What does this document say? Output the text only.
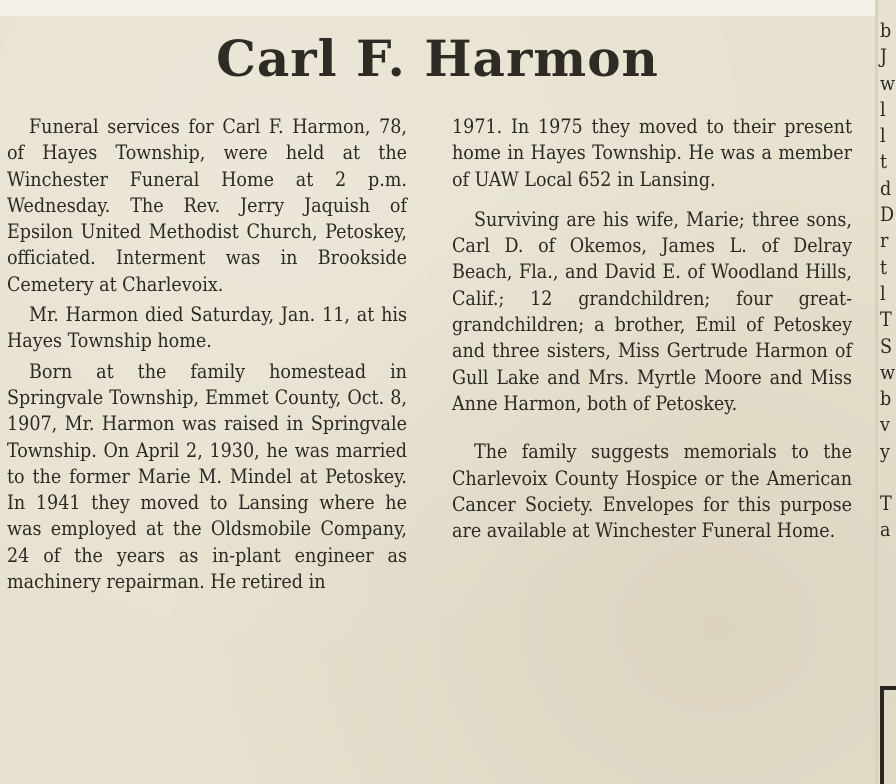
Carl F. Harmon

Funeral services for Carl F. Harmon, 78, of Hayes Township, were held at the Winchester Funeral Home at 2 p.m. Wednesday. The Rev. Jerry Jaquish of Epsilon United Methodist Church, Petoskey, officiated. Interment was in Brookside Cemetery at Charlevoix.

Mr. Harmon died Saturday, Jan. 11, at his Hayes Township home.

Born at the family homestead in Springvale Township, Emmet County, Oct. 8, 1907, Mr. Harmon was raised in Springvale Township. On April 2, 1930, he was married to the former Marie M. Mindel at Petoskey. In 1941 they moved to Lansing where he was employed at the Oldsmobile Company, 24 of the years as in-plant engineer as machinery repairman. He retired in

1971. In 1975 they moved to their present home in Hayes Township. He was a member of UAW Local 652 in Lansing.

Surviving are his wife, Marie; three sons, Carl D. of Okemos, James L. of Delray Beach, Fla., and David E. of Woodland Hills, Calif.; 12 grandchildren; four great-grandchildren; a brother, Emil of Petoskey and three sisters, Miss Gertrude Harmon of Gull Lake and Mrs. Myrtle Moore and Miss Anne Harmon, both of Petoskey.

The family suggests memorials to the Charlevoix County Hospice or the American Cancer Society. Envelopes for this purpose are available at Winchester Funeral Home.

b
J
w
l
l
t
d
D
r
t
l
T
S
w
b
v
y
T
a
